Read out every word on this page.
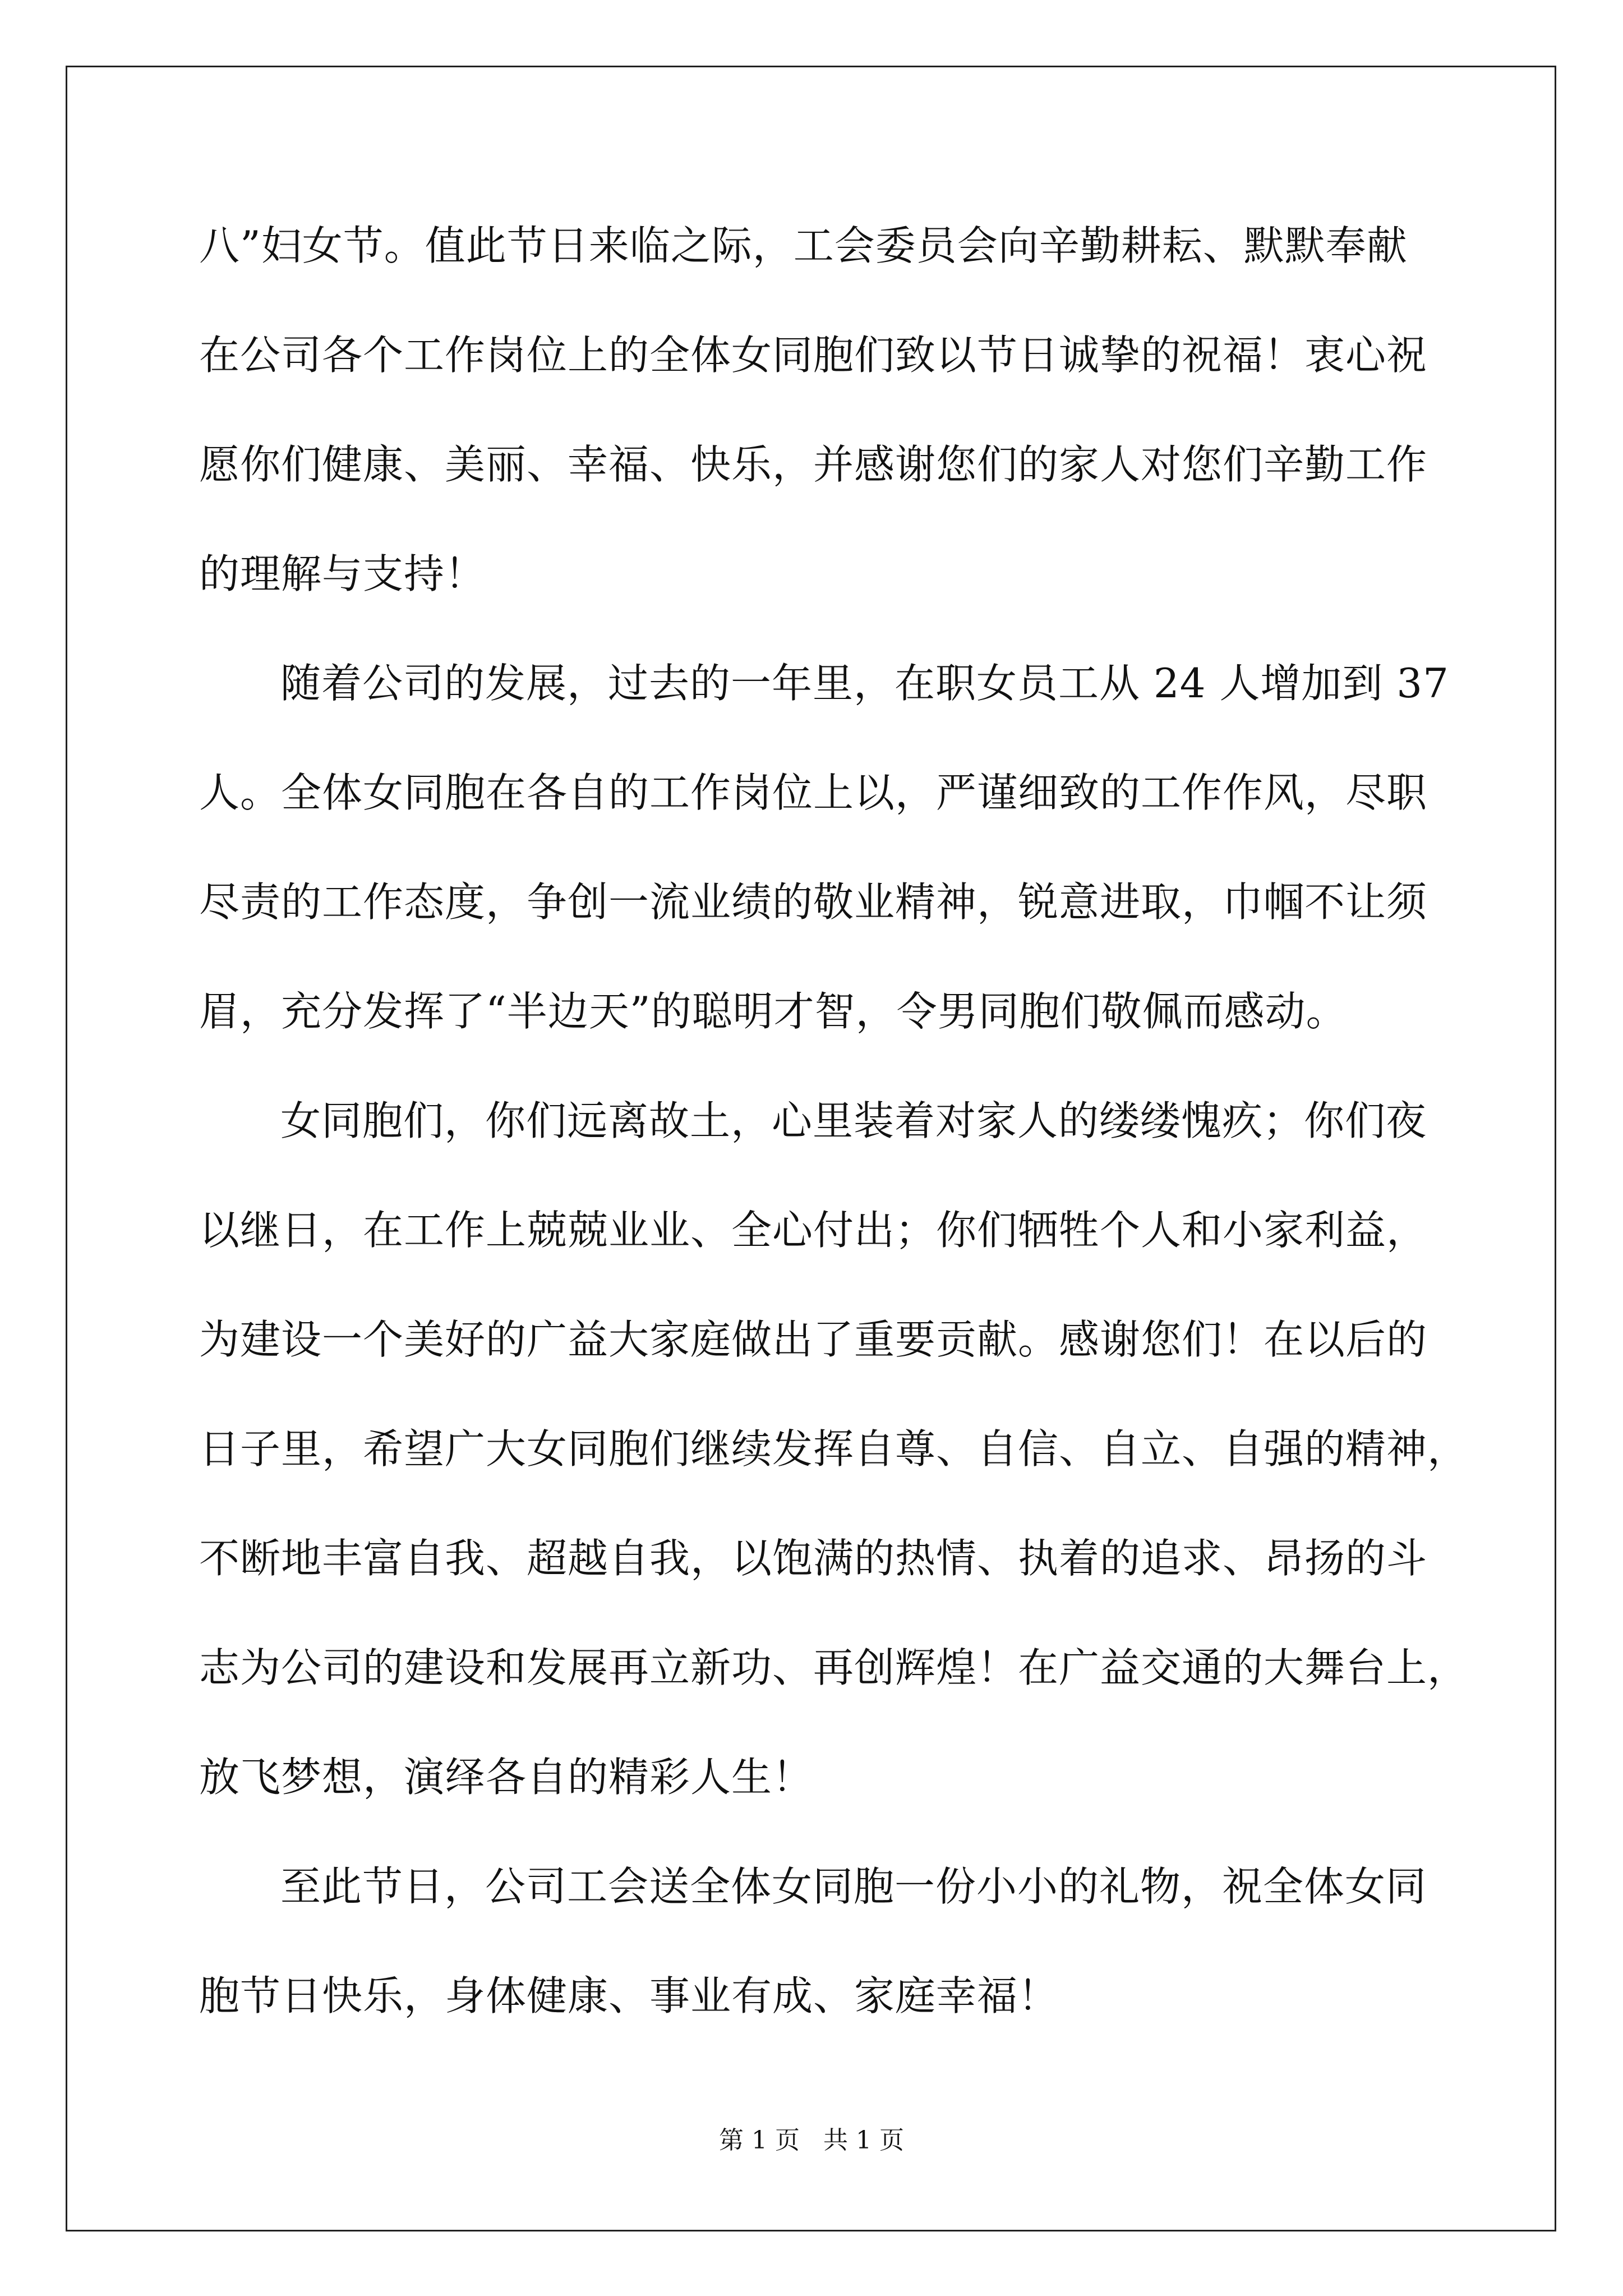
八”妇女节。值此节日来临之际，工会委员会向辛勤耕耘、默默奉献
在公司各个工作岗位上的全体女同胞们致以节日诚挚的祝福！衷心祝
愿你们健康、美丽、幸福、快乐，并感谢您们的家人对您们辛勤工作
的理解与支持！
随着公司的发展，过去的一年里，在职女员工从 24 人增加到 37
人。全体女同胞在各自的工作岗位上以，严谨细致的工作作风，尽职
尽责的工作态度，争创一流业绩的敬业精神，锐意进取，巾帼不让须
眉，充分发挥了“半边天”的聪明才智，令男同胞们敬佩而感动。
女同胞们，你们远离故土，心里装着对家人的缕缕愧疚；你们夜
以继日，在工作上兢兢业业、全心付出；你们牺牲个人和小家利益，
为建设一个美好的广益大家庭做出了重要贡献。感谢您们！在以后的
日子里，希望广大女同胞们继续发挥自尊、自信、自立、自强的精神，
不断地丰富自我、超越自我，以饱满的热情、执着的追求、昂扬的斗
志为公司的建设和发展再立新功、再创辉煌！在广益交通的大舞台上，
放飞梦想，演绎各自的精彩人生！
至此节日，公司工会送全体女同胞一份小小的礼物，祝全体女同
胞节日快乐，身体健康、事业有成、家庭幸福！
第 1 页   共 1 页
